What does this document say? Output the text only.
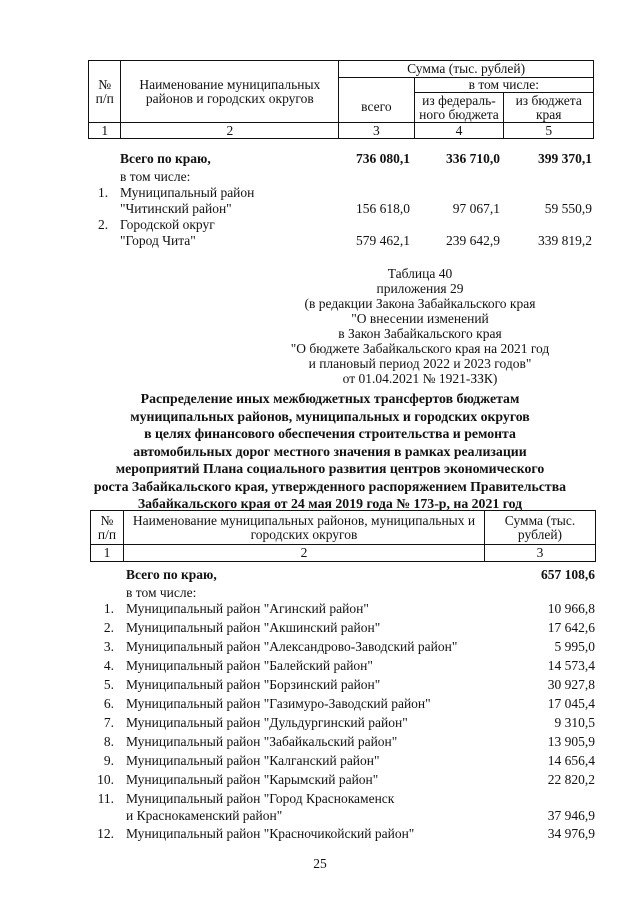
№ п/п	Наименование муниципальных районов и городских округов	Сумма (тыс. рублей)		
			в том числе:	
		всего	из федераль-ного бюджета	из бюджета края
1	2	3	4	5
Всего по краю,	736 080,1	336 710,0	399 370,1
в том числе:
1. Муниципальный район
"Читинский район"	156 618,0	97 067,1	59 550,9
2. Городской округ
"Город Чита"	579 462,1	239 642,9	339 819,2
Таблица 40
приложения 29
(в редакции Закона Забайкальского края
"О внесении изменений
в Закон Забайкальского края
"О бюджете Забайкальского края на 2021 год
и плановый период 2022 и 2023 годов"
от 01.04.2021 № 1921-ЗЗК)
Распределение иных межбюджетных трансфертов бюджетам
муниципальных районов, муниципальных и городских округов
в целях финансового обеспечения строительства и ремонта
автомобильных дорог местного значения в рамках реализации
мероприятий Плана социального развития центров экономического
роста Забайкальского края, утвержденного распоряжением Правительства
Забайкальского края от 24 мая 2019 года № 173-р, на 2021 год
№ п/п	Наименование муниципальных районов, муниципальных и городских округов	Сумма (тыс. рублей)
1	2	3
Всего по краю,	657 108,6
в том числе:
1. Муниципальный район "Агинский район"	10 966,8
2. Муниципальный район "Акшинский район"	17 642,6
3. Муниципальный район "Александрово-Заводский район"	5 995,0
4. Муниципальный район "Балейский район"	14 573,4
5. Муниципальный район "Борзинский район"	30 927,8
6. Муниципальный район "Газимуро-Заводский район"	17 045,4
7. Муниципальный район "Дульдургинский район"	9 310,5
8. Муниципальный район "Забайкальский район"	13 905,9
9. Муниципальный район "Калганский район"	14 656,4
10. Муниципальный район "Карымский район"	22 820,2
11. Муниципальный район "Город Краснокаменск
и Краснокаменский район"	37 946,9
12. Муниципальный район "Красночикойский район"	34 976,9
25
